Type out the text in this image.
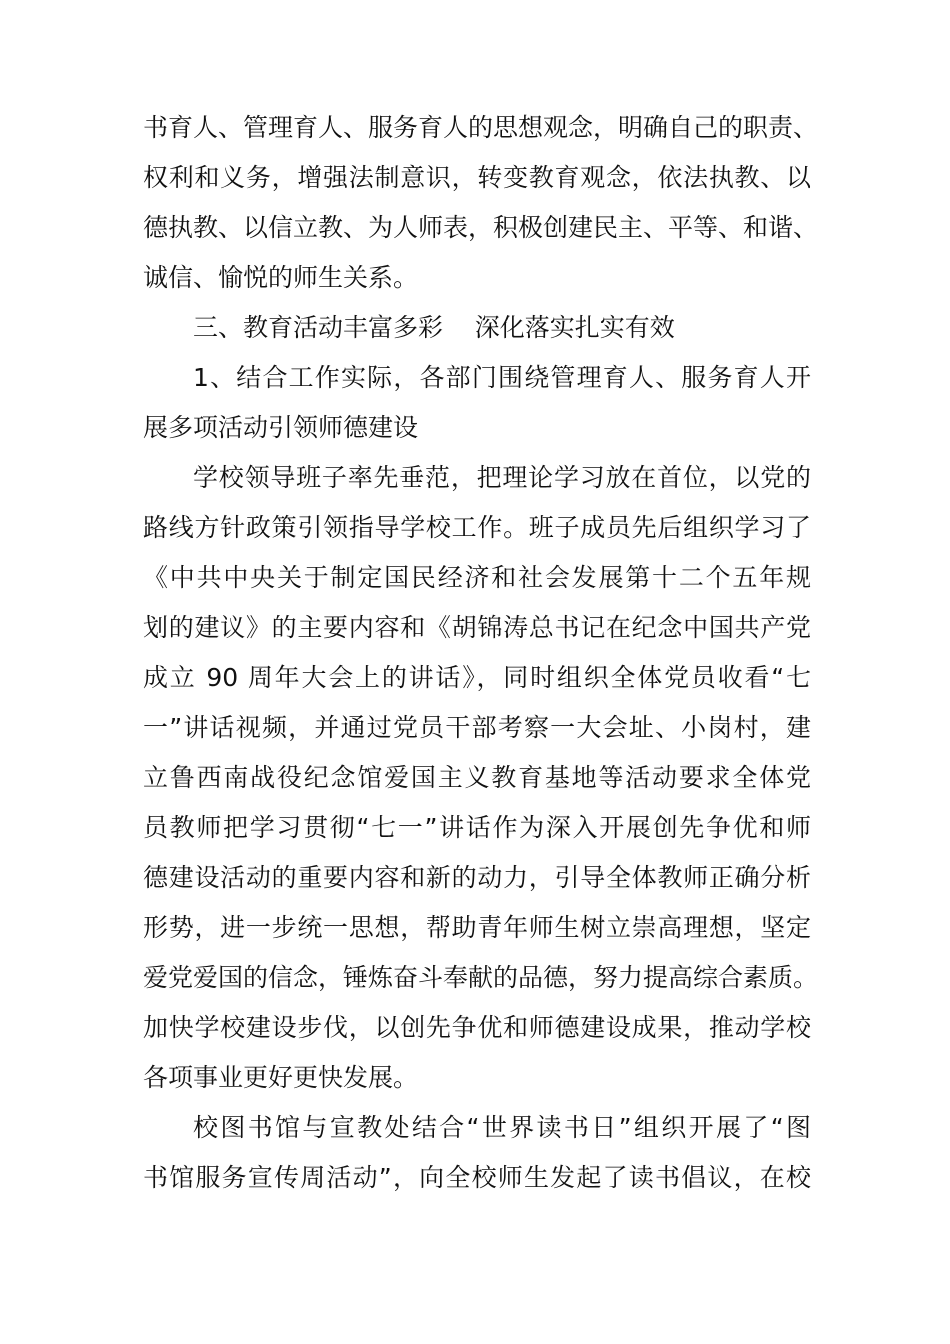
书育人、管理育人、服务育人的思想观念，明确自己的职责、
权利和义务，增强法制意识，转变教育观念，依法执教、以
德执教、以信立教、为人师表，积极创建民主、平等、和谐、
诚信、愉悦的师生关系。
三、教育活动丰富多彩    深化落实扎实有效
1、结合工作实际，各部门围绕管理育人、服务育人开
展多项活动引领师德建设
学校领导班子率先垂范，把理论学习放在首位，以党的
路线方针政策引领指导学校工作。班子成员先后组织学习了
《中共中央关于制定国民经济和社会发展第十二个五年规
划的建议》的主要内容和《胡锦涛总书记在纪念中国共产党
成立 90 周年大会上的讲话》，同时组织全体党员收看“七
一”讲话视频，并通过党员干部考察一大会址、小岗村，建
立鲁西南战役纪念馆爱国主义教育基地等活动要求全体党
员教师把学习贯彻“七一”讲话作为深入开展创先争优和师
德建设活动的重要内容和新的动力，引导全体教师正确分析
形势，进一步统一思想，帮助青年师生树立崇高理想，坚定
爱党爱国的信念，锤炼奋斗奉献的品德，努力提高综合素质。
加快学校建设步伐，以创先争优和师德建设成果，推动学校
各项事业更好更快发展。
校图书馆与宣教处结合“世界读书日”组织开展了“图
书馆服务宣传周活动”，向全校师生发起了读书倡议，在校
